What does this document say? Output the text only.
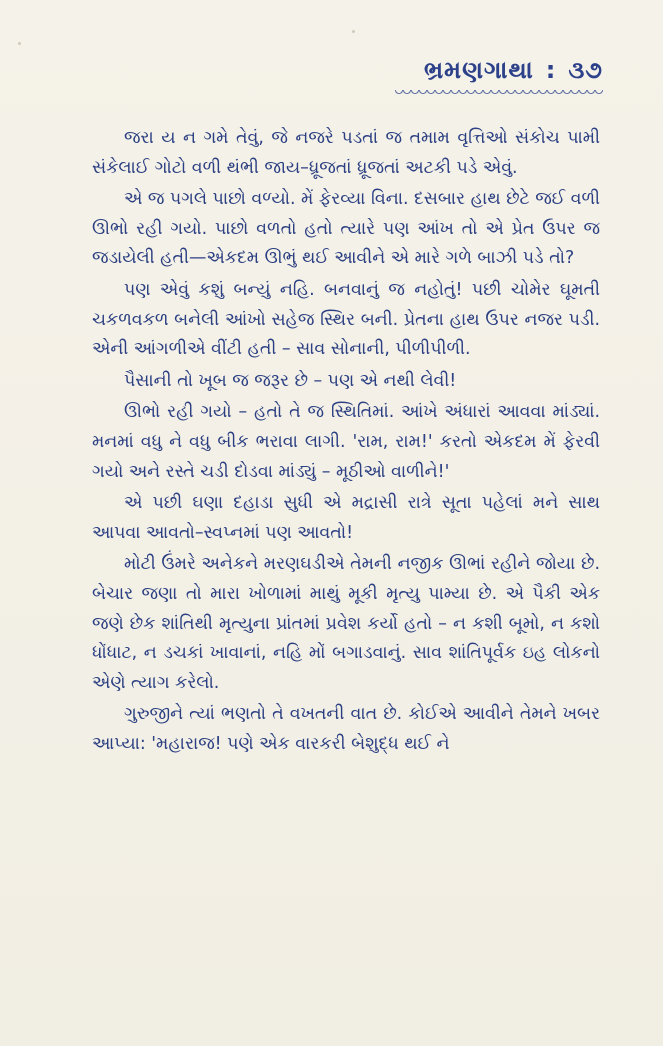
ભ્રમણગાથા : ૩૭

જરા ય ન ગમે તેવું, જે નજરે પડતાં જ તમામ વૃત્તિઓ સંકોચ પામી સંકેલાઈ ગોટો વળી થંભી જાય–ધ્રૂજતાં ધ્રૂજતાં અટકી પડે એવું.

એ જ પગલે પાછો વળ્યો. મેં ફેરવ્યા વિના. દસબાર હાથ છેટે જઈ વળી ઊભો રહી ગયો. પાછો વળતો હતો ત્યારે પણ આંખ તો એ પ્રેત ઉપર જ જડાયેલી હતી—એકદમ ઊભું થઈ આવીને એ મારે ગળે બાઝી પડે તો?

પણ એવું કશું બન્યું નહિ. બનવાનું જ નહોતું! પછી ચોમેર ઘૂમતી ચકળવકળ બનેલી આંખો સહેજ સ્થિર બની. પ્રેતના હાથ ઉપર નજર પડી. એની આંગળીએ વીંટી હતી – સાવ સોનાની, પીળીપીળી.

પૈસાની તો ખૂબ જ જરૂર છે – પણ એ નથી લેવી!

ઊભો રહી ગયો – હતો તે જ સ્થિતિમાં. આંખે અંધારાં આવવા માંડ્યાં. મનમાં વધુ ને વધુ બીક ભરાવા લાગી. 'રામ, રામ!' કરતો એકદમ મેં ફેરવી ગયો અને રસ્તે ચડી દોડવા માંડ્યું – મૂઠીઓ વાળીને!'

એ પછી ઘણા દહાડા સુધી એ મદ્રાસી રાત્રે સૂતા પહેલાં મને સાથ આપવા આવતો–સ્વપ્નમાં પણ આવતો!

મોટી ઉંમરે અનેકને મરણઘડીએ તેમની નજીક ઊભાં રહીને જોયા છે. બેચાર જણા તો મારા ખોળામાં માથું મૂકી મૃત્યુ પામ્યા છે. એ પૈકી એક જણે છેક શાંતિથી મૃત્યુના પ્રાંતમાં પ્રવેશ કર્યો હતો – ન કશી બૂમો, ન કશો ધોંધાટ, ન ડચકાં ખાવાનાં, નહિ મોં બગાડવાનું. સાવ શાંતિપૂર્વક ઇહ લોકનો એણે ત્યાગ કરેલો.

ગુરુજીને ત્યાં ભણતો તે વખતની વાત છે. કોઈએ આવીને તેમને ખબર આપ્યા: 'મહારાજ! પણે એક વારકરી બેશુદ્ધ થઈ ને
